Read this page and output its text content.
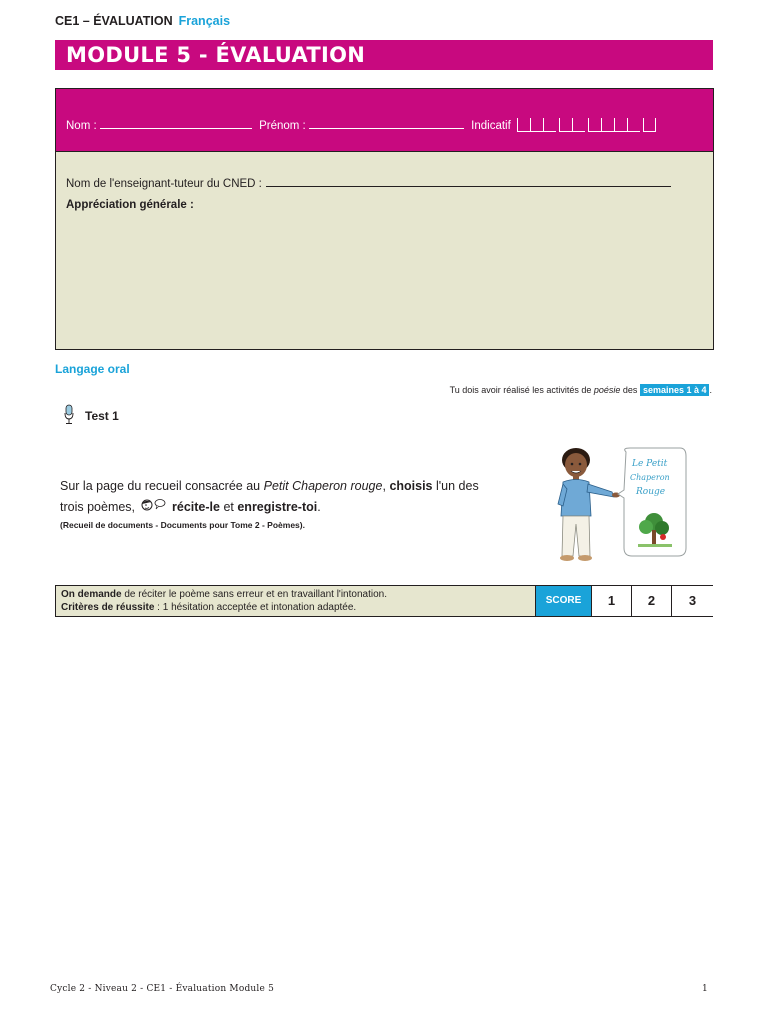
CE1 – ÉVALUATION Français
MODULE 5 - ÉVALUATION
Nom :	Prénom :	Indicatif
Nom de l'enseignant-tuteur du CNED :
Appréciation générale :
Langage oral
Tu dois avoir réalisé les activités de poésie des semaines 1 à 4 .
Test 1
Sur la page du recueil consacrée au Petit Chaperon rouge, choisis l'un des
trois poèmes,	récite-le et enregistre-toi.
(Recueil de documents - Documents pour Tome 2 - Poèmes).
Le Petit
Chaperon
Rouge
On demande de réciter le poème sans erreur et en travaillant l'intonation.
Critères de réussite : 1 hésitation acceptée et intonation adaptée.
SCORE	1	2	3
Cycle 2 - Niveau 2 - CE1 - Évaluation Module 5	1
